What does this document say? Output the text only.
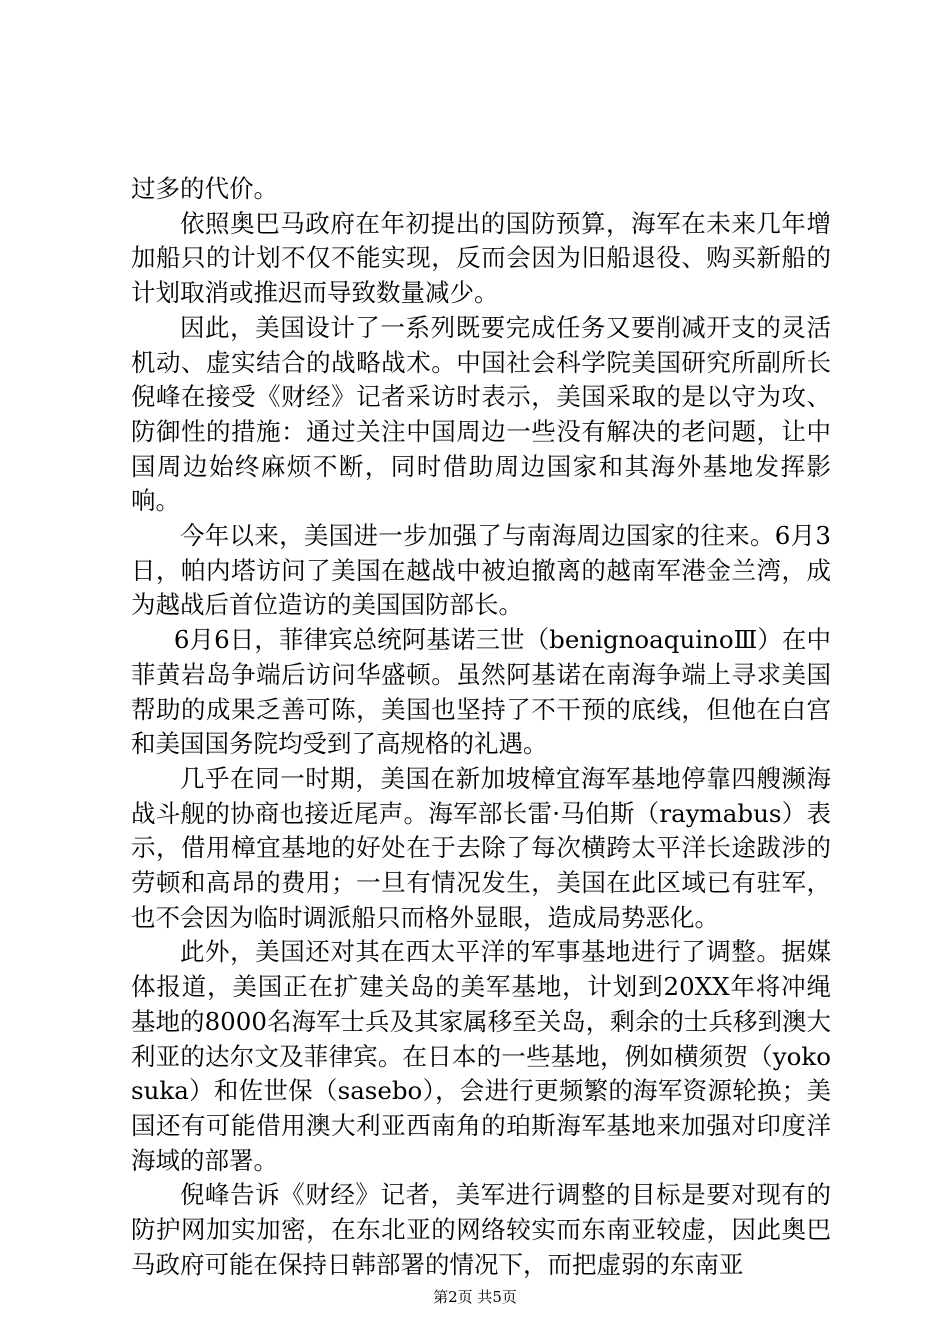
过多的代价。

依照奥巴马政府在年初提出的国防预算，海军在未来几年增加船只的计划不仅不能实现，反而会因为旧船退役、购买新船的计划取消或推迟而导致数量减少。

因此，美国设计了一系列既要完成任务又要削减开支的灵活机动、虚实结合的战略战术。中国社会科学院美国研究所副所长倪峰在接受《财经》记者采访时表示，美国采取的是以守为攻、防御性的措施：通过关注中国周边一些没有解决的老问题，让中国周边始终麻烦不断，同时借助周边国家和其海外基地发挥影响。

今年以来，美国进一步加强了与南海周边国家的往来。6月3日，帕内塔访问了美国在越战中被迫撤离的越南军港金兰湾，成为越战后首位造访的美国国防部长。

6月6日，菲律宾总统阿基诺三世（benignoaquinoⅢ）在中菲黄岩岛争端后访问华盛顿。虽然阿基诺在南海争端上寻求美国帮助的成果乏善可陈，美国也坚持了不干预的底线，但他在白宫和美国国务院均受到了高规格的礼遇。

几乎在同一时期，美国在新加坡樟宜海军基地停靠四艘濒海战斗舰的协商也接近尾声。海军部长雷·马伯斯（raymabus）表示，借用樟宜基地的好处在于去除了每次横跨太平洋长途跋涉的劳顿和高昂的费用；一旦有情况发生，美国在此区域已有驻军，也不会因为临时调派船只而格外显眼，造成局势恶化。

此外，美国还对其在西太平洋的军事基地进行了调整。据媒体报道，美国正在扩建关岛的美军基地，计划到20XX年将冲绳基地的8000名海军士兵及其家属移至关岛，剩余的士兵移到澳大利亚的达尔文及菲律宾。在日本的一些基地，例如横须贺（yokosuka）和佐世保（sasebo），会进行更频繁的海军资源轮换；美国还有可能借用澳大利亚西南角的珀斯海军基地来加强对印度洋海域的部署。

倪峰告诉《财经》记者，美军进行调整的目标是要对现有的防护网加实加密，在东北亚的网络较实而东南亚较虚，因此奥巴马政府可能在保持日韩部署的情况下，而把虚弱的东南亚

第2页 共5页
